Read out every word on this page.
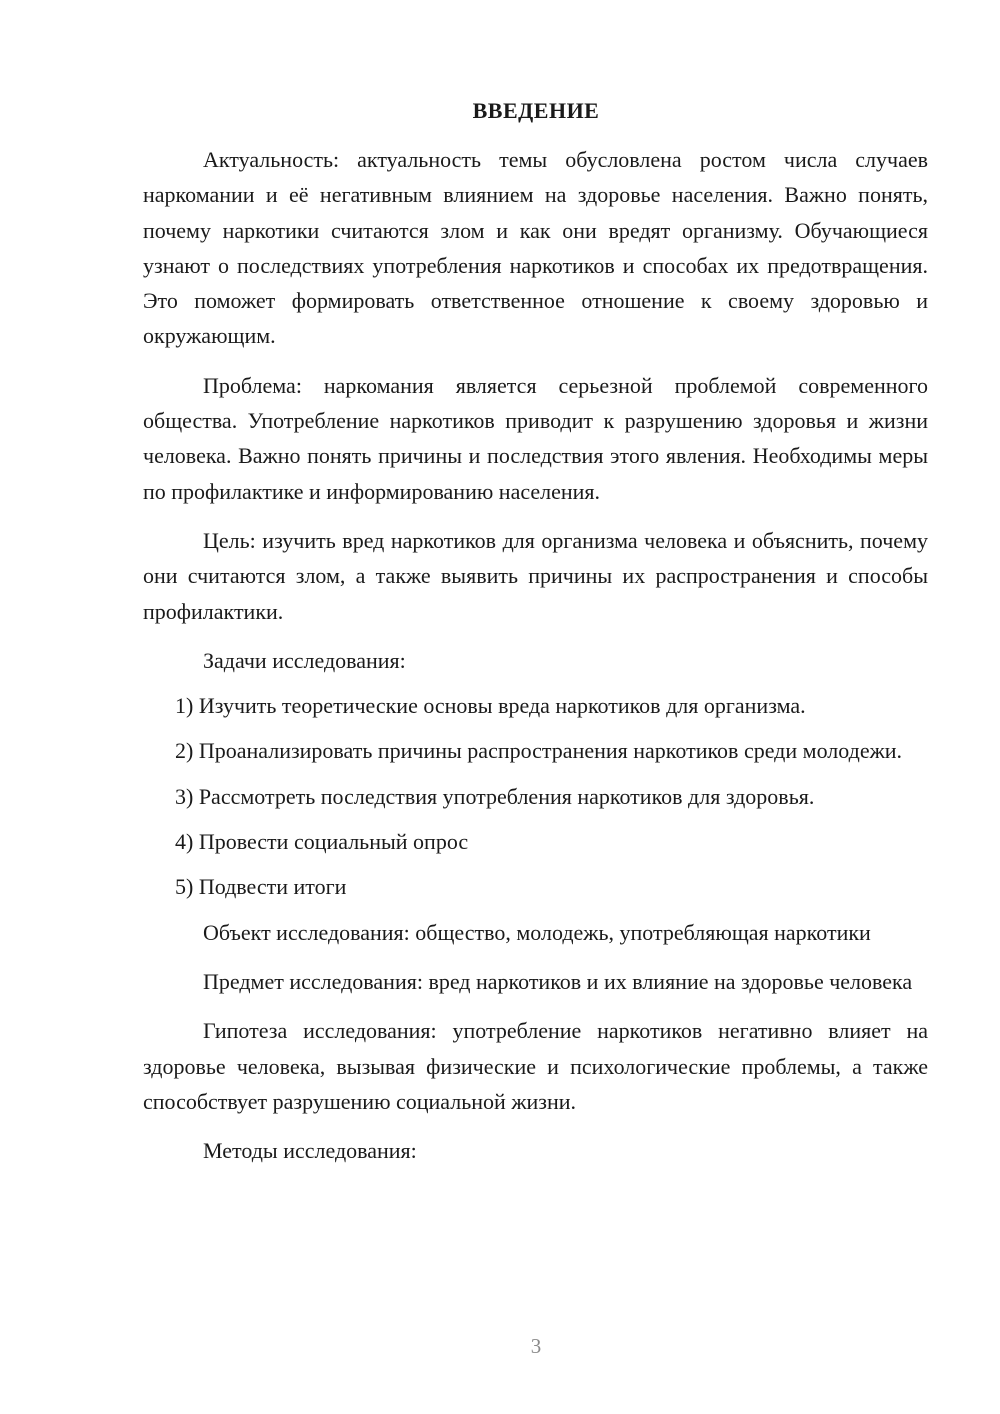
ВВЕДЕНИЕ

Актуальность: актуальность темы обусловлена ростом числа случаев наркомании и её негативным влиянием на здоровье населения. Важно понять, почему наркотики считаются злом и как они вредят организму. Обучающиеся узнают о последствиях употребления наркотиков и способах их предотвращения. Это поможет формировать ответственное отношение к своему здоровью и окружающим.

Проблема: наркомания является серьезной проблемой современного общества. Употребление наркотиков приводит к разрушению здоровья и жизни человека. Важно понять причины и последствия этого явления. Необходимы меры по профилактике и информированию населения.

Цель: изучить вред наркотиков для организма человека и объяснить, почему они считаются злом, а также выявить причины их распространения и способы профилактики.

Задачи исследования:

1) Изучить теоретические основы вреда наркотиков для организма.

2) Проанализировать причины распространения наркотиков среди молодежи.

3) Рассмотреть последствия употребления наркотиков для здоровья.

4) Провести социальный опрос

5) Подвести итоги

Объект исследования: общество, молодежь, употребляющая наркотики

Предмет исследования: вред наркотиков и их влияние на здоровье человека

Гипотеза исследования: употребление наркотиков негативно влияет на здоровье человека, вызывая физические и психологические проблемы, а также способствует разрушению социальной жизни.

Методы исследования:

3
